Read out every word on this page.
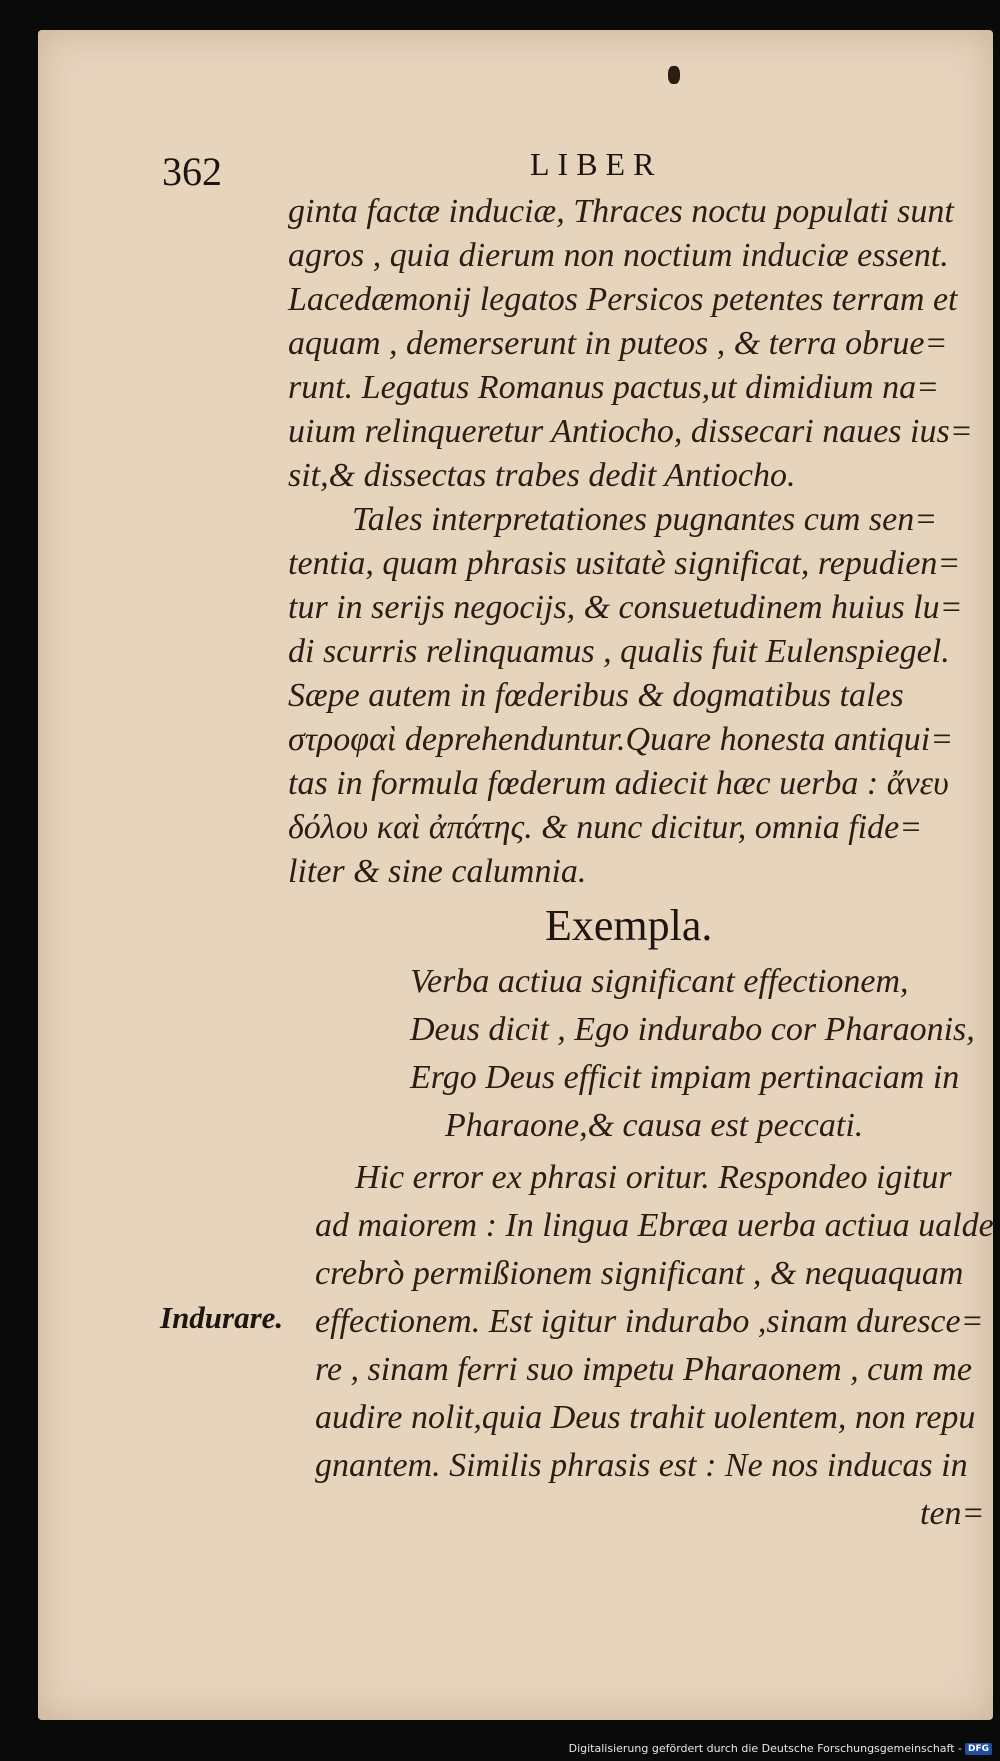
362	LIBER
ginta factæ induciæ, Thraces noctu populati sunt
agros , quia dierum non noctium induciæ essent.
Lacedæmonij legatos Persicos petentes terram et
aquam , demerserunt in puteos , & terra obrue=
runt. Legatus Romanus pactus,ut dimidium na=
uium relinqueretur Antiocho, dissecari naues ius=
sit,& dissectas trabes dedit Antiocho.
Tales interpretationes pugnantes cum sen=
tentia, quam phrasis usitatè significat, repudien=
tur in serijs negocijs, & consuetudinem huius lu=
di scurris relinquamus , qualis fuit Eulenspiegel.
Sæpe autem in fœderibus & dogmatibus tales
στροφαὶ deprehenduntur.Quare honesta antiqui=
tas in formula fœderum adiecit hæc uerba : ἄνευ
δόλου καὶ ἀπάτης. & nunc dicitur, omnia fide=
Exempla.
Verba actiua significant effectionem,
Deus dicit , Ego indurabo cor Pharaonis,
Ergo Deus efficit impiam pertinaciam in
Pharaone,& causa est peccati.
Hic error ex phrasi oritur. Respondeo igitur
ad maiorem : In lingua Ebræa uerba actiua ualde
crebrò permißionem significant , & nequaquam
effectionem. Est igitur indurabo ,sinam durescе=
re , sinam ferri suo impetu Pharaonem , cum me
audire nolit,quia Deus trahit uolentem, non repu
gnantem. Similis phrasis est : Ne nos inducas in
ten=
Indurare.
Digitalisierung gefördert durch die Deutsche Forschungsgemeinschaft - DFG
liter & sine calumnia.
